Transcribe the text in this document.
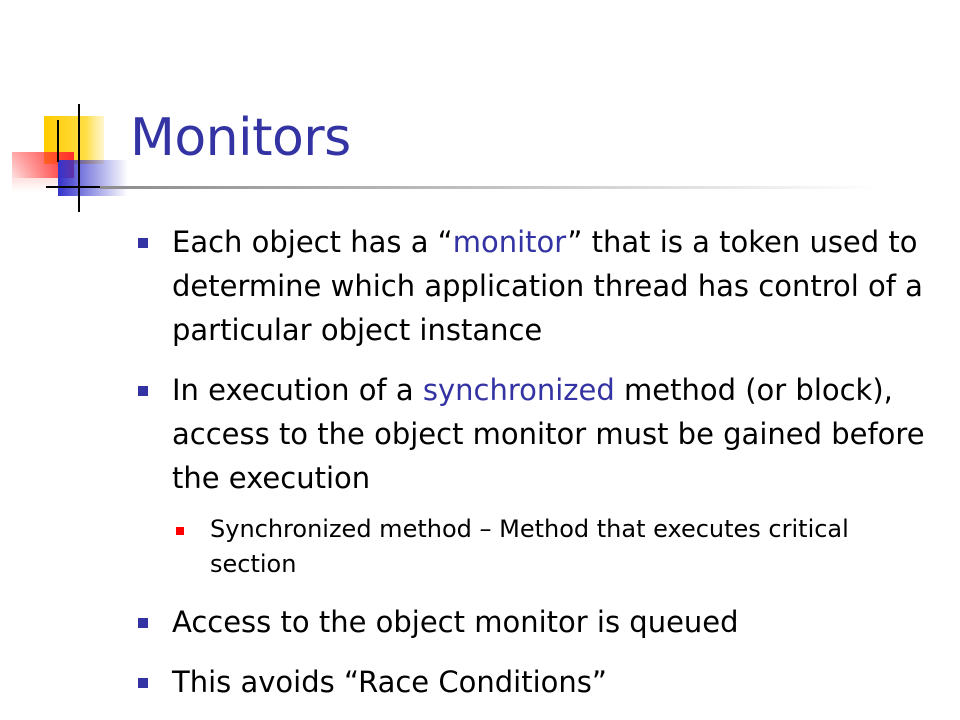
Monitors
Each object has a “monitor” that is a token used to determine which application thread has control of a particular object instance
In execution of a synchronized method (or block), access to the object monitor must be gained before the execution
Synchronized method – Method that executes critical section
Access to the object monitor is queued
This avoids “Race Conditions”
